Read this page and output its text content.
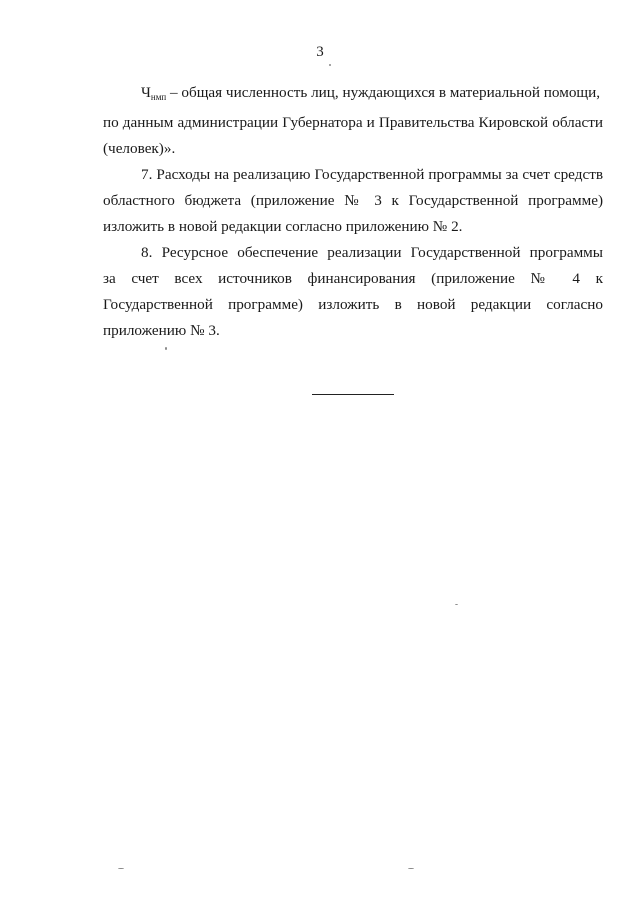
3
$Ч_{нмп}$ – общая численность лиц, нуждающихся в материальной помощи,
по данным администрации Губернатора и Правительства Кировской области
(человек)».
7. Расходы на реализацию Государственной программы за счет средств
областного бюджета (приложение № 3 к Государственной программе)
изложить в новой редакции согласно приложению № 2.
8. Ресурсное обеспечение реализации Государственной программы
за счет всех источников финансирования (приложение № 4 к
Государственной программе) изложить в новой редакции согласно
приложению № 3.
